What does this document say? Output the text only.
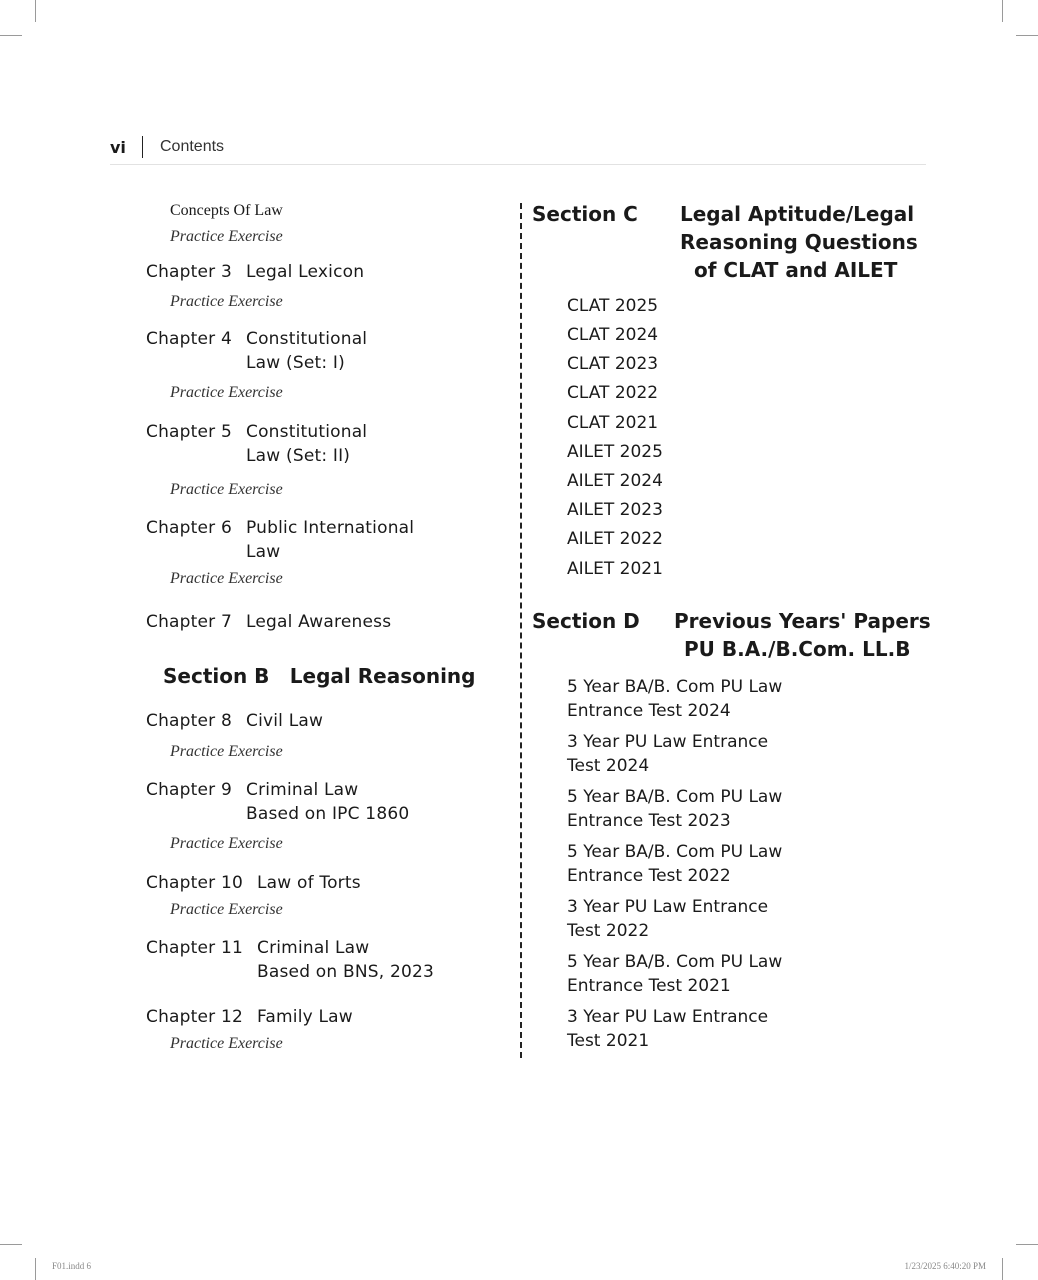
vi Contents
Concepts Of Law
Practice Exercise
Chapter 3 Legal Lexicon
Practice Exercise
Chapter 4 Constitutional
Law (Set: I)
Practice Exercise
Chapter 5 Constitutional
Law (Set: II)
Practice Exercise
Chapter 6 Public International
Law
Practice Exercise
Chapter 7 Legal Awareness
Section B Legal Reasoning
Chapter 8 Civil Law
Practice Exercise
Chapter 9 Criminal Law
Based on IPC 1860
Practice Exercise
Chapter 10 Law of Torts
Practice Exercise
Chapter 11 Criminal Law
Based on BNS, 2023
Chapter 12 Family Law
Practice Exercise
Section C Legal Aptitude/Legal
Reasoning Questions
of CLAT and AILET
CLAT 2025
CLAT 2024
CLAT 2023
CLAT 2022
CLAT 2021
AILET 2025
AILET 2024
AILET 2023
AILET 2022
AILET 2021
Section D Previous Years' Papers
PU B.A./B.Com. LL.B
5 Year BA/B. Com PU Law
Entrance Test 2024
3 Year PU Law Entrance
Test 2024
5 Year BA/B. Com PU Law
Entrance Test 2023
5 Year BA/B. Com PU Law
Entrance Test 2022
3 Year PU Law Entrance
Test 2022
5 Year BA/B. Com PU Law
Entrance Test 2021
3 Year PU Law Entrance
Test 2021
F01.indd 6	1/23/2025 6:40:20 PM
